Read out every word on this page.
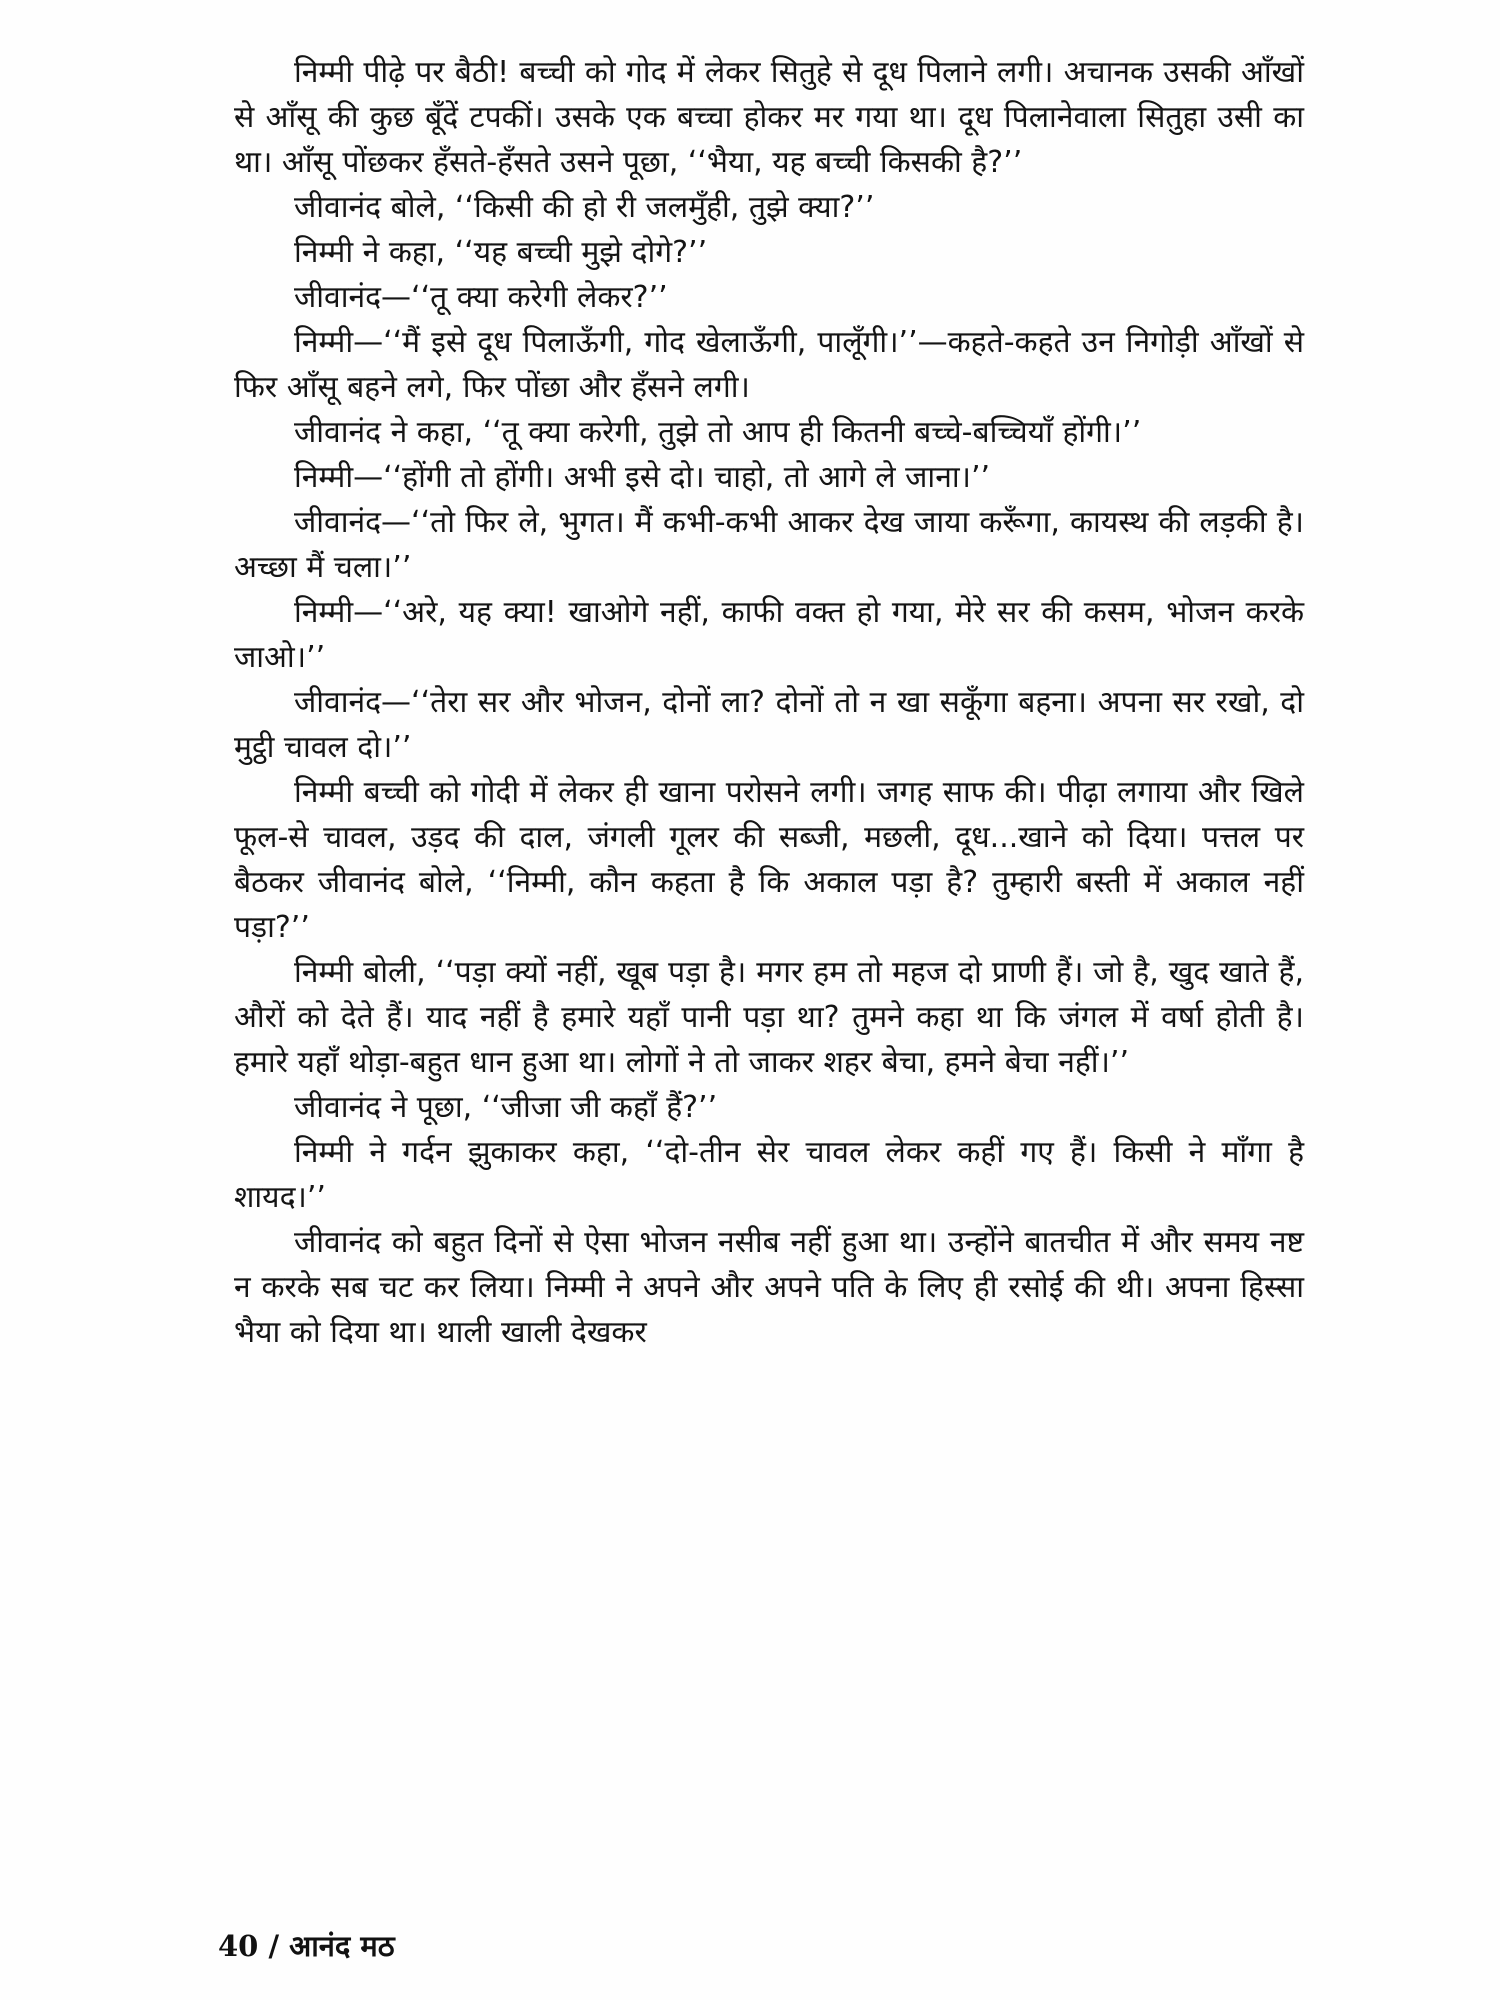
निम्मी पीढ़े पर बैठी! बच्ची को गोद में लेकर सितुहे से दूध पिलाने लगी। अचानक उसकी आँखों से आँसू की कुछ बूँदें टपकीं। उसके एक बच्चा होकर मर गया था। दूध पिलानेवाला सितुहा उसी का था। आँसू पोंछकर हँसते-हँसते उसने पूछा, ‘‘भैया, यह बच्ची किसकी है?’’

जीवानंद बोले, ‘‘किसी की हो री जलमुँही, तुझे क्या?’’

निम्मी ने कहा, ‘‘यह बच्ची मुझे दोगे?’’

जीवानंद—‘‘तू क्या करेगी लेकर?’’

निम्मी—‘‘मैं इसे दूध पिलाऊँगी, गोद खेलाऊँगी, पालूँगी।’’—कहते-कहते उन निगोड़ी आँखों से फिर आँसू बहने लगे, फिर पोंछा और हँसने लगी।

जीवानंद ने कहा, ‘‘तू क्या करेगी, तुझे तो आप ही कितनी बच्चे-बच्चियाँ होंगी।’’

निम्मी—‘‘होंगी तो होंगी। अभी इसे दो। चाहो, तो आगे ले जाना।’’

जीवानंद—‘‘तो फिर ले, भुगत। मैं कभी-कभी आकर देख जाया करूँगा, कायस्थ की लड़की है। अच्छा मैं चला।’’

निम्मी—‘‘अरे, यह क्या! खाओगे नहीं, काफी वक्त हो गया, मेरे सर की कसम, भोजन करके जाओ।’’

जीवानंद—‘‘तेरा सर और भोजन, दोनों ला? दोनों तो न खा सकूँगा बहना। अपना सर रखो, दो मुट्ठी चावल दो।’’

निम्मी बच्ची को गोदी में लेकर ही खाना परोसने लगी। जगह साफ की। पीढ़ा लगाया और खिले फूल-से चावल, उड़द की दाल, जंगली गूलर की सब्जी, मछली, दूध...खाने को दिया। पत्तल पर बैठकर जीवानंद बोले, ‘‘निम्मी, कौन कहता है कि अकाल पड़ा है? तुम्हारी बस्ती में अकाल नहीं पड़ा?’’

निम्मी बोली, ‘‘पड़ा क्यों नहीं, खूब पड़ा है। मगर हम तो महज दो प्राणी हैं। जो है, खुद खाते हैं, औरों को देते हैं। याद नहीं है हमारे यहाँ पानी पड़ा था? तुमने कहा था कि जंगल में वर्षा होती है। हमारे यहाँ थोड़ा-बहुत धान हुआ था। लोगों ने तो जाकर शहर बेचा, हमने बेचा नहीं।’’

जीवानंद ने पूछा, ‘‘जीजा जी कहाँ हैं?’’

निम्मी ने गर्दन झुकाकर कहा, ‘‘दो-तीन सेर चावल लेकर कहीं गए हैं। किसी ने माँगा है शायद।’’

जीवानंद को बहुत दिनों से ऐसा भोजन नसीब नहीं हुआ था। उन्होंने बातचीत में और समय नष्ट न करके सब चट कर लिया। निम्मी ने अपने और अपने पति के लिए ही रसोई की थी। अपना हिस्सा भैया को दिया था। थाली खाली देखकर

40 / आनंद मठ
